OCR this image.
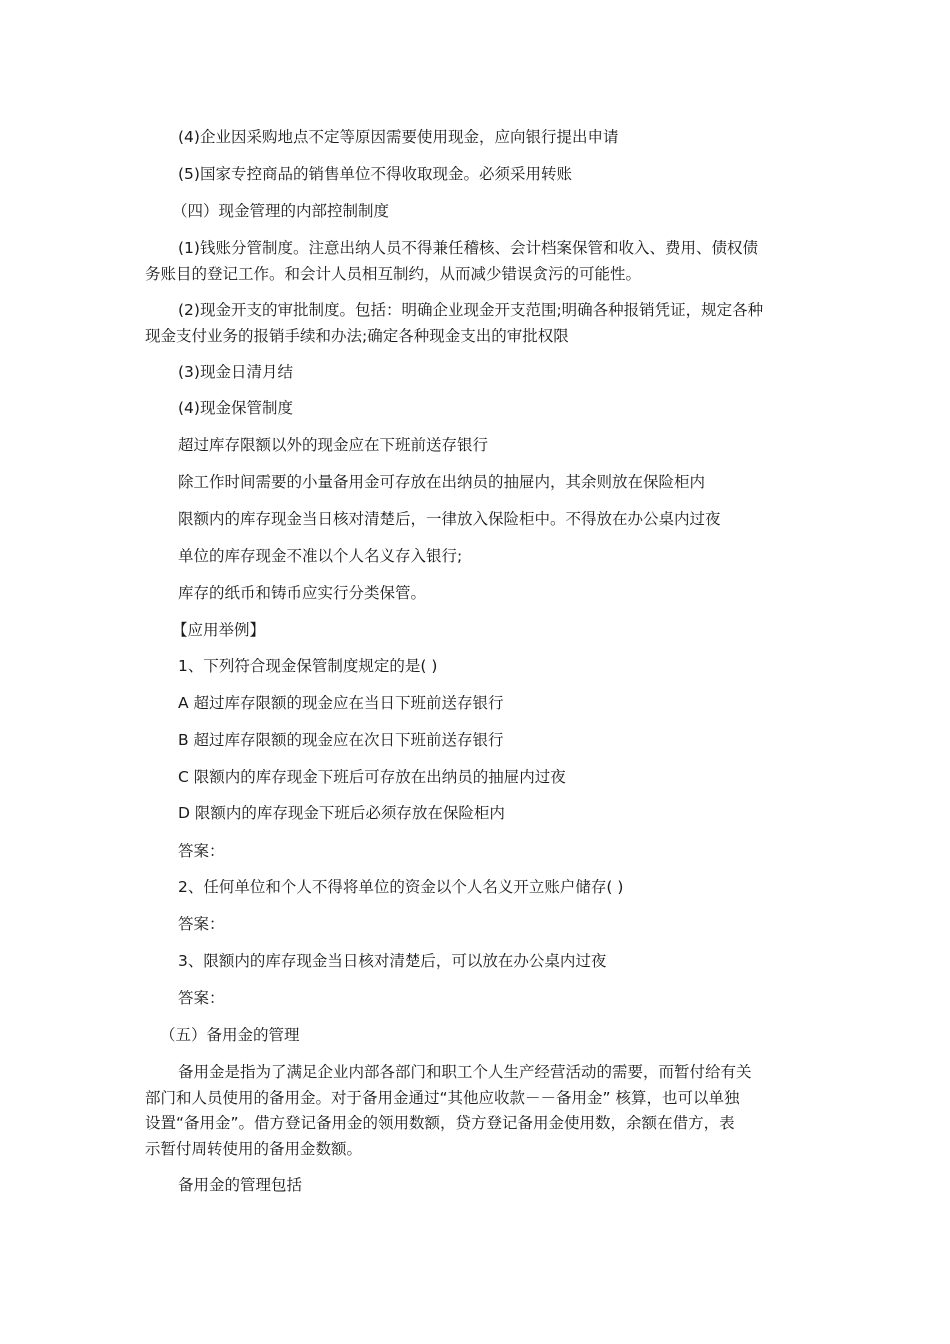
(4)企业因采购地点不定等原因需要使用现金，应向银行提出申请

(5)国家专控商品的销售单位不得收取现金。必须采用转账

（四）现金管理的内部控制制度

(1)钱账分管制度。注意出纳人员不得兼任稽核、会计档案保管和收入、费用、债权债

务账目的登记工作。和会计人员相互制约，从而减少错误贪污的可能性。

(2)现金开支的审批制度。包括：明确企业现金开支范围;明确各种报销凭证，规定各种

现金支付业务的报销手续和办法;确定各种现金支出的审批权限

(3)现金日清月结

(4)现金保管制度

超过库存限额以外的现金应在下班前送存银行

除工作时间需要的小量备用金可存放在出纳员的抽屉内，其余则放在保险柜内

限额内的库存现金当日核对清楚后，一律放入保险柜中。不得放在办公桌内过夜

单位的库存现金不准以个人名义存入银行;

库存的纸币和铸币应实行分类保管。

【应用举例】

1、下列符合现金保管制度规定的是( )

A 超过库存限额的现金应在当日下班前送存银行

B 超过库存限额的现金应在次日下班前送存银行

C 限额内的库存现金下班后可存放在出纳员的抽屉内过夜

D 限额内的库存现金下班后必须存放在保险柜内

答案：

2、任何单位和个人不得将单位的资金以个人名义开立账户储存( )

答案：

3、限额内的库存现金当日核对清楚后，可以放在办公桌内过夜

答案：

（五）备用金的管理

备用金是指为了满足企业内部各部门和职工个人生产经营活动的需要，而暂付给有关

部门和人员使用的备用金。对于备用金通过“其他应收款－－备用金” 核算，也可以单独

设置“备用金”。借方登记备用金的领用数额，贷方登记备用金使用数，余额在借方，表

示暂付周转使用的备用金数额。

备用金的管理包括
